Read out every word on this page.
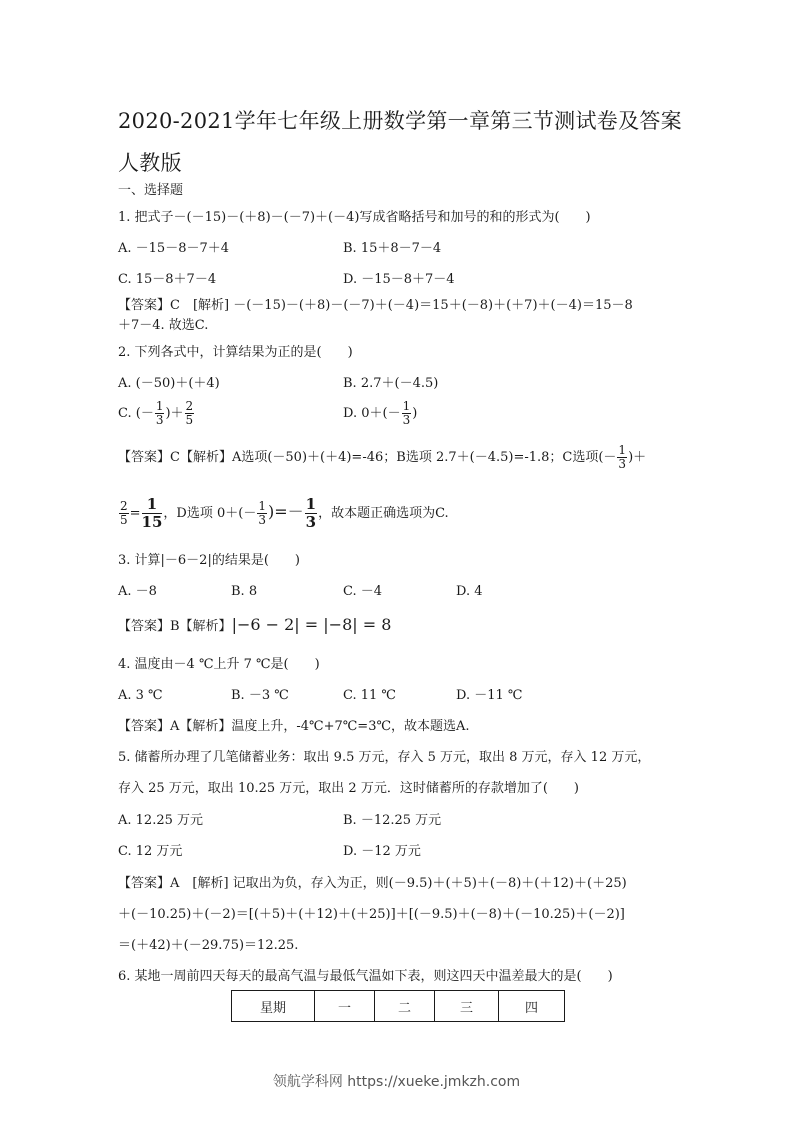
2020-2021学年七年级上册数学第一章第三节测试卷及答案人教版
一、选择题
1. 把式子－(－15)－(＋8)－(－7)＋(－4)写成省略括号和加号的和的形式为(　　)
A. －15－8－7＋4	B. 15＋8－7－4
C. 15－8＋7－4	D. －15－8＋7－4
【答案】C　[解析] －(－15)－(＋8)－(－7)＋(－4)＝15＋(－8)＋(＋7)＋(－4)＝15－8
＋7－4. 故选C.
2. 下列各式中，计算结果为正的是(　　)
A. (－50)＋(＋4)	B. 2.7＋(－4.5)
C. (－ $\frac{1}{3}$ )＋ $\frac{2}{5}$	D. $0+(- \frac{1}{3}$ )
【答案】C【解析】A选项(－50)＋(＋4)=-46；B选项 2.7＋(－4.5)=-1.8；C选项(－ $\frac{1}{3}$ )＋
$\frac{2}{5} = \frac{1}{15}$ ，D选项 $0+(- \frac{1}{3}$ )=－ $\frac{1}{3}$ ，故本题正确选项为C.
3. 计算|－6－2|的结果是(　　)
A. －8	B. 8	C. －4	D. 4
【答案】B【解析】|−6 − 2| = |−8| = 8
4. 温度由－4 ℃上升 7 ℃是(　　)
A. 3 ℃	B. －3 ℃	C. 11 ℃	D. －11 ℃
【答案】A【解析】温度上升，-4℃+7℃=3℃，故本题选A.
5. 储蓄所办理了几笔储蓄业务：取出 9.5 万元，存入 5 万元，取出 8 万元，存入 12 万元，
存入 25 万元，取出 10.25 万元，取出 2 万元．这时储蓄所的存款增加了(　　)
A. 12.25 万元	B. －12.25 万元
C. 12 万元	D. －12 万元
【答案】A　[解析] 记取出为负，存入为正，则(－9.5)＋(＋5)＋(－8)＋(＋12)＋(＋25)
＋(－10.25)＋(－2)＝[(＋5)＋(＋12)＋(＋25)]＋[(－9.5)＋(－8)＋(－10.25)＋(－2)]
＝(＋42)＋(－29.75)＝12.25.
6. 某地一周前四天每天的最高气温与最低气温如下表，则这四天中温差最大的是(　　)
星期	一	二	三	四
领航学科网 https://xueke.jmkzh.com
